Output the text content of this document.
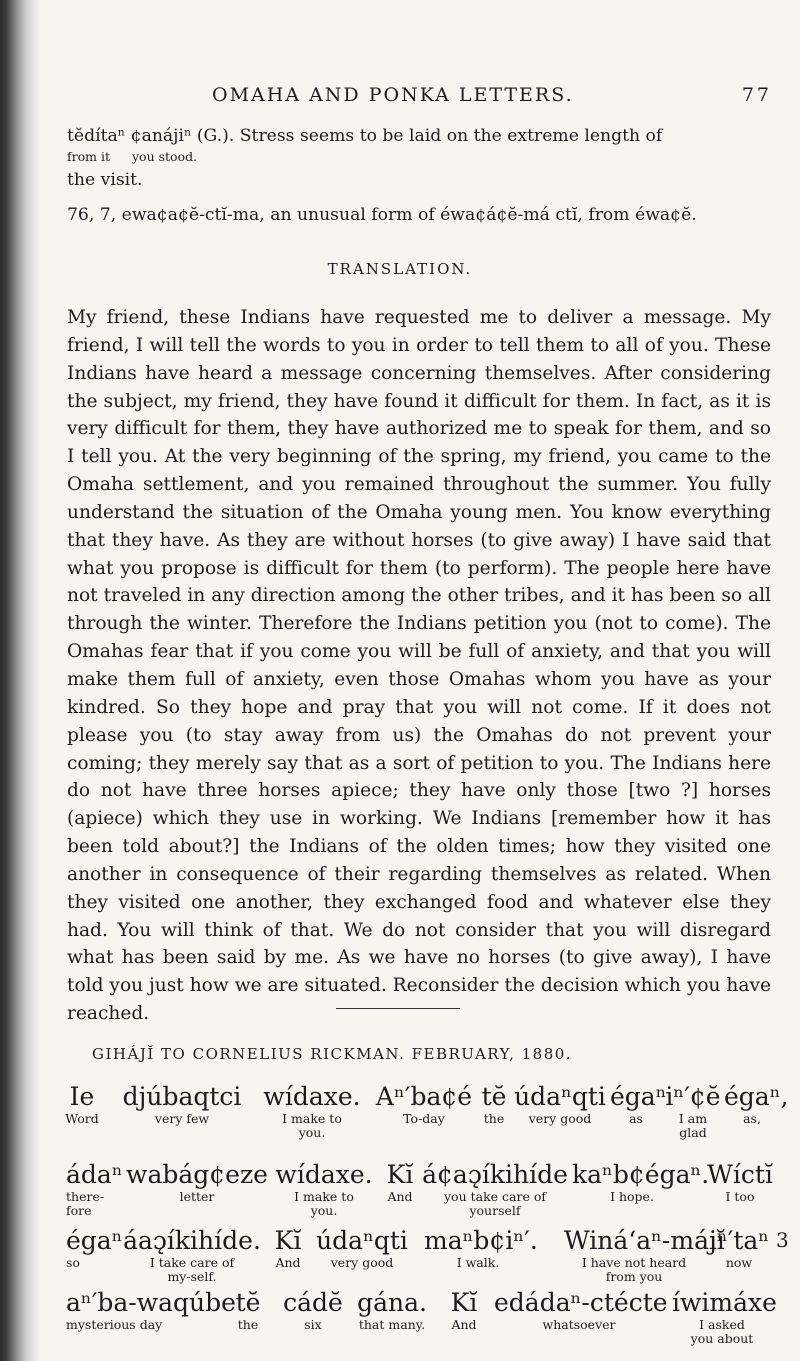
OMAHA AND PONKA LETTERS.	77
tĕdítaⁿ ¢anájiⁿ (G.). Stress seems to be laid on the extreme length of
from it you stood.
the visit.
76, 7, ewa¢a¢ĕ-ctĭ-ma, an unusual form of éwa¢á¢ĕ-má ctĭ, from éwa¢ĕ.
TRANSLATION.

My friend, these Indians have requested me to deliver a message. My friend, I will tell the words to you in order to tell them to all of you. These Indians have heard a message concerning themselves. After considering the subject, my friend, they have found it difficult for them. In fact, as it is very difficult for them, they have authorized me to speak for them, and so I tell you. At the very beginning of the spring, my friend, you came to the Omaha settlement, and you remained throughout the summer. You fully understand the situation of the Omaha young men. You know everything that they have. As they are without horses (to give away) I have said that what you propose is difficult for them (to perform). The people here have not traveled in any direction among the other tribes, and it has been so all through the winter. Therefore the Indians petition you (not to come). The Omahas fear that if you come you will be full of anxiety, and that you will make them full of anxiety, even those Omahas whom you have as your kindred. So they hope and pray that you will not come. If it does not please you (to stay away from us) the Omahas do not prevent your coming; they merely say that as a sort of petition to you. The Indians here do not have three horses apiece; they have only those [two ?] horses (apiece) which they use in working. We Indians [remember how it has been told about?] the Indians of the olden times; how they visited one another in consequence of their regarding themselves as related. When they visited one another, they exchanged food and whatever else they had. You will think of that. We do not consider that you will disregard what has been said by me. As we have no horses (to give away), I have told you just how we are situated. Reconsider the decision which you have reached.

GIHÁJĬ TO CORNELIUS RICKMAN. FEBRUARY, 1880.
Ie
Word
djúbaqtci
very few
wídaxe.
I make to you.
Aⁿ′ba¢é
To-day
tĕ
the
údaⁿqti
very good
égaⁿ
as
iⁿ′¢ĕ
I am glad
égaⁿ,
as,
ádaⁿ
there-fore
wabág¢eze
letter
wídaxe.
I make to you.
Kĭ
And
á¢aɔ̨íkihíde
you take care of yourself
kaⁿb¢égaⁿ.
I hope.
Wíctĭ
I too
égaⁿ
so
áaɔ̨íkihíde.
I take care of my-self.
Kĭ
And
údaⁿqti
very good
maⁿb¢iⁿ′.
I walk.
Winá‘aⁿ-májĭ
I have not heard from you
iⁿ′taⁿ
now
3
aⁿ′ba-waqúbe
mysterious day
tĕ
the
cádĕ
six
gána.
that many.
Kĭ
And
edádaⁿ-ctécte
whatsoever
íwimáxe
I asked you about
